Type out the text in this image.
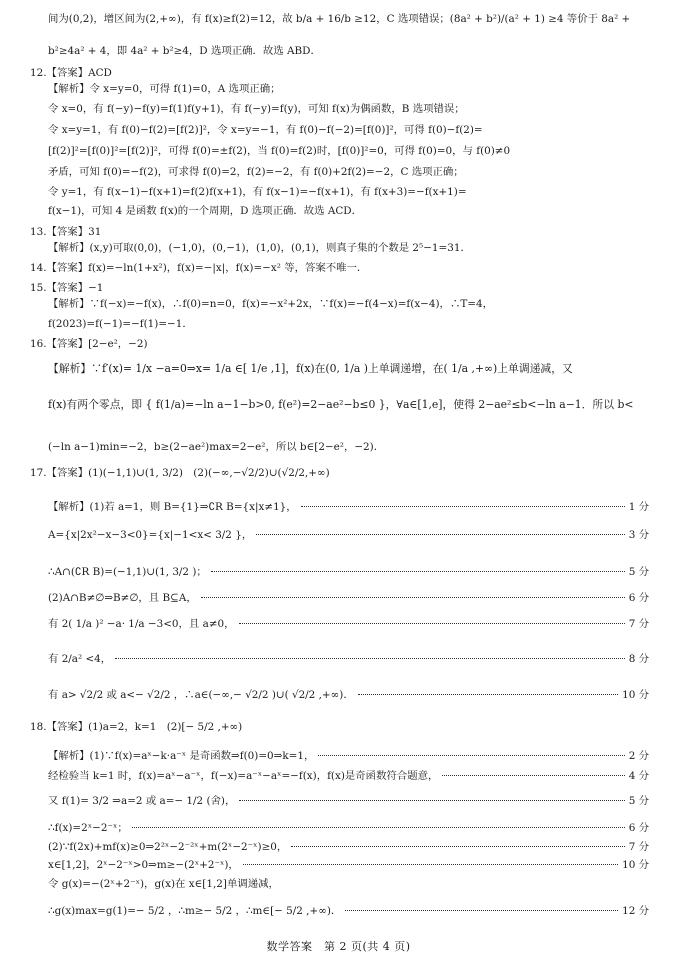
间为(0,2)，增区间为(2,+∞)，有 f(x)≥f(2)=12，故 b/a + 16/b ≥12，C 选项错误；(8a² + b²)/(a² + 1) ≥4 等价于 8a² +
b²≥4a² + 4，即 4a² + b²≥4，D 选项正确．故选 ABD．
12.【答案】ACD
【解析】令 x=y=0，可得 f(1)=0，A 选项正确；
令 x=0，有 f(−y)−f(y)=f(1)f(y+1)，有 f(−y)=f(y)，可知 f(x)为偶函数，B 选项错误；
令 x=y=1，有 f(0)−f(2)=[f(2)]²，令 x=y=−1，有 f(0)−f(−2)=[f(0)]²，可得 f(0)−f(2)=
[f(2)]²=[f(0)]²=[f(2)]²，可得 f(0)=±f(2)，当 f(0)=f(2)时，[f(0)]²=0，可得 f(0)=0，与 f(0)≠0
矛盾，可知 f(0)=−f(2)，可求得 f(0)=2，f(2)=−2，有 f(0)+2f(2)=−2，C 选项正确；
令 y=1，有 f(x−1)−f(x+1)=f(2)f(x+1)，有 f(x−1)=−f(x+1)，有 f(x+3)=−f(x+1)=
f(x−1)，可知 4 是函数 f(x)的一个周期，D 选项正确．故选 ACD．
13.【答案】31
【解析】(x,y)可取(0,0)，(−1,0)，(0,−1)，(1,0)，(0,1)，则真子集的个数是 2⁵−1=31．
14.【答案】f(x)=−ln(1+x²)，f(x)=−|x|，f(x)=−x² 等，答案不唯一．
15.【答案】−1
【解析】∵f(−x)=−f(x)，∴f(0)=n=0，f(x)=−x²+2x，∵f(x)=−f(4−x)=f(x−4)，∴T=4，
f(2023)=f(−1)=−f(1)=−1．
16.【答案】[2−e²，−2)
【解析】∵f′(x)= 1/x −a=0⇒x= 1/a ∈[ 1/e ,1]，f(x)在(0, 1/a )上单调递增，在( 1/a ,+∞)上单调递减，又
f(x)有两个零点，即 { f(1/a)=−ln a−1−b>0, f(e²)=2−ae²−b≤0 }，∀a∈[1,e]，使得 2−ae²≤b<−ln a−1．所以 b<
(−ln a−1)min=−2，b≥(2−ae²)max=2−e²，所以 b∈[2−e²，−2)．
17.【答案】(1)(−1,1)∪(1, 3/2)　(2)(−∞,−√2/2)∪(√2/2,+∞)
【解析】(1)若 a=1，则 B={1}⇒∁R B={x|x≠1}，	1 分
A={x|2x²−x−3<0}={x|−1<x< 3/2 }，	3 分
∴A∩(∁R B)=(−1,1)∪(1, 3/2 )；	5 分
(2)A∩B≠∅⇒B≠∅，且 B⊆A，	6 分
有 2( 1/a )² −a· 1/a −3<0，且 a≠0，	7 分
有 2/a² <4，	8 分
有 a> √2/2 或 a<− √2/2 ，∴a∈(−∞,− √2/2 )∪( √2/2 ,+∞)．	10 分
18.【答案】(1)a=2，k=1　(2)[− 5/2 ,+∞)
【解析】(1)∵f(x)=aˣ−k·a⁻ˣ 是奇函数⇒f(0)=0⇒k=1，	2 分
经检验当 k=1 时，f(x)=aˣ−a⁻ˣ，f(−x)=a⁻ˣ−aˣ=−f(x)，f(x)是奇函数符合题意，	4 分
又 f(1)= 3/2 ⇒a=2 或 a=− 1/2 (舍)，	5 分
∴f(x)=2ˣ−2⁻ˣ；	6 分
(2)∵f(2x)+mf(x)≥0⇒2²ˣ−2⁻²ˣ+m(2ˣ−2⁻ˣ)≥0，	7 分
x∈[1,2]，2ˣ−2⁻ˣ>0⇒m≥−(2ˣ+2⁻ˣ)，	10 分
令 g(x)=−(2ˣ+2⁻ˣ)，g(x)在 x∈[1,2]单调递减，
∴g(x)max=g(1)=− 5/2 ，∴m≥− 5/2 ，∴m∈[− 5/2 ,+∞)．	12 分
数学答案　第 2 页(共 4 页)
